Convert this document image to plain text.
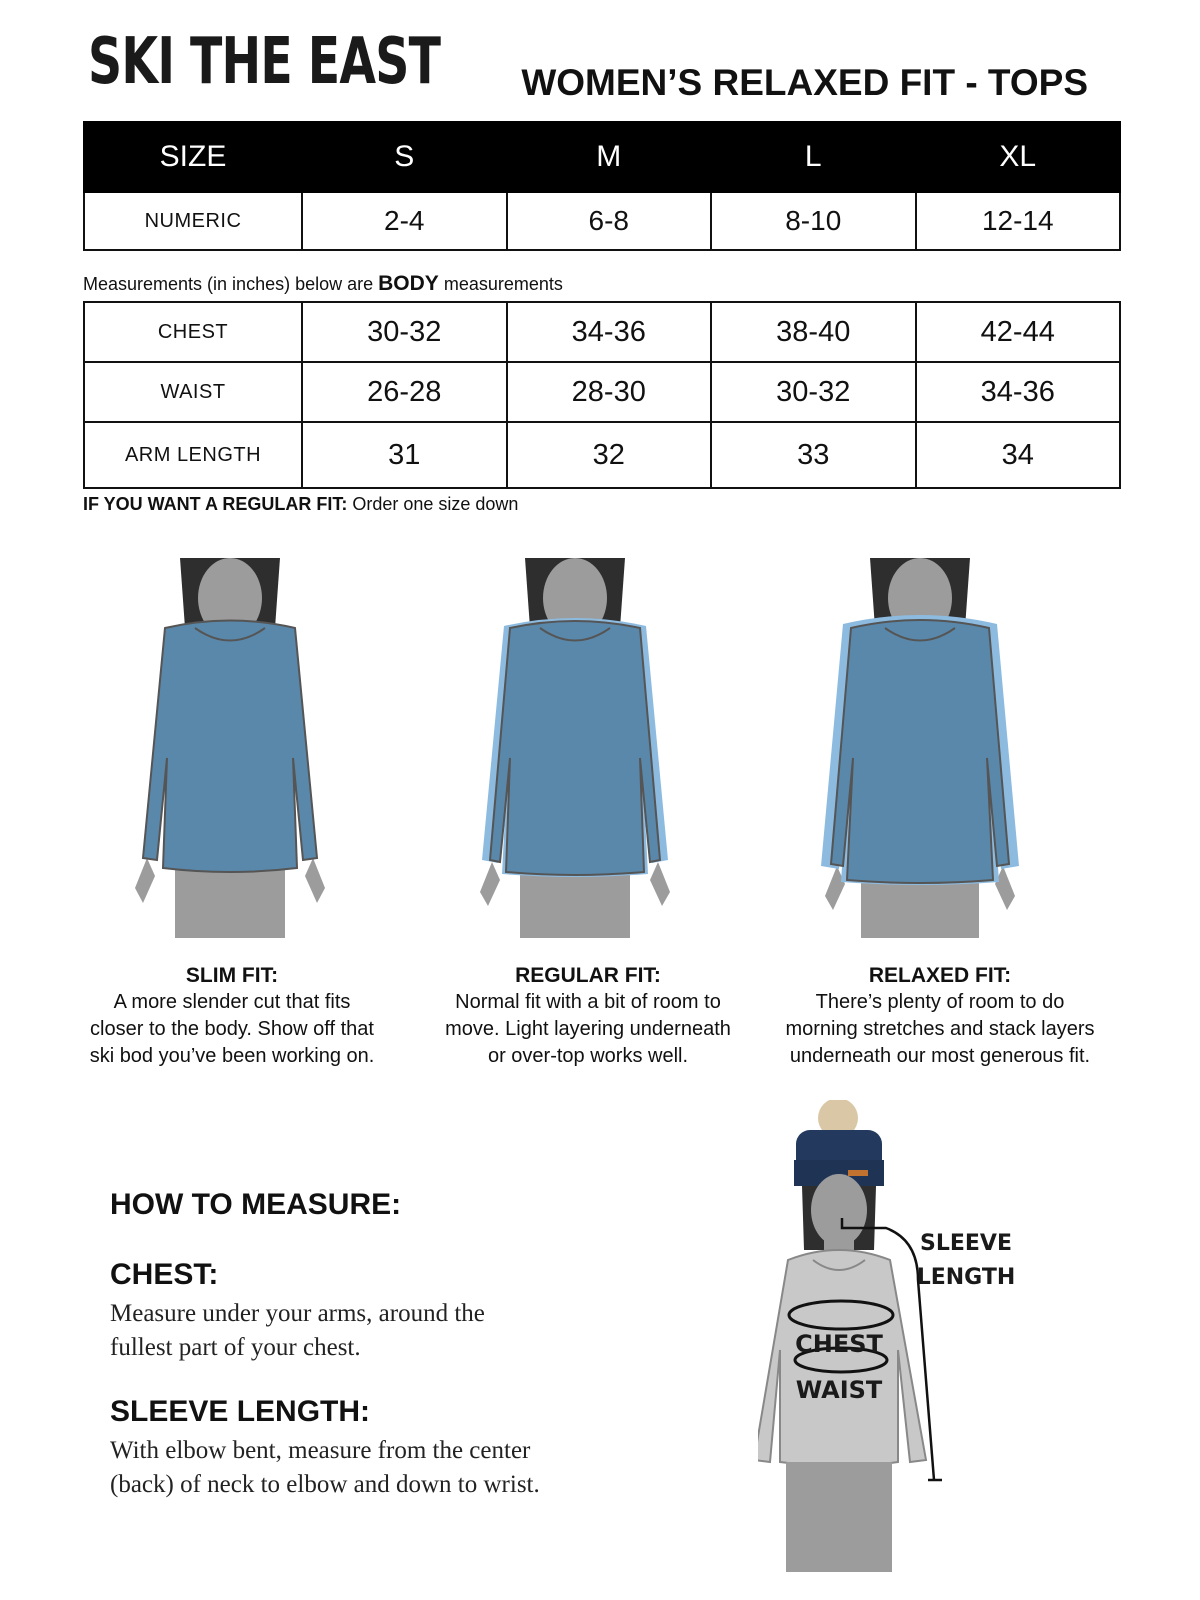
SKI THE EAST WOMEN’S RELAXED FIT - TOPS
SIZE	S	M	L	XL
NUMERIC	2-4	6-8	8-10	12-14
Measurements (in inches) below are BODY measurements
CHEST	30-32	34-36	38-40	42-44
WAIST	26-28	28-30	30-32	34-36
ARM LENGTH	31	32	33	34
IF YOU WANT A REGULAR FIT: Order one size down
SLIM FIT:
A more slender cut that fits
closer to the body. Show off that
ski bod you’ve been working on.
REGULAR FIT:
Normal fit with a bit of room to
move. Light layering underneath
or over-top works well.
RELAXED FIT:
There’s plenty of room to do
morning stretches and stack layers
underneath our most generous fit.
HOW TO MEASURE:
CHEST:
Measure under your arms, around the
fullest part of your chest.
SLEEVE LENGTH:
With elbow bent, measure from the center
(back) of neck to elbow and down to wrist.
CHEST
WAIST
SLEEVE
LENGTH
